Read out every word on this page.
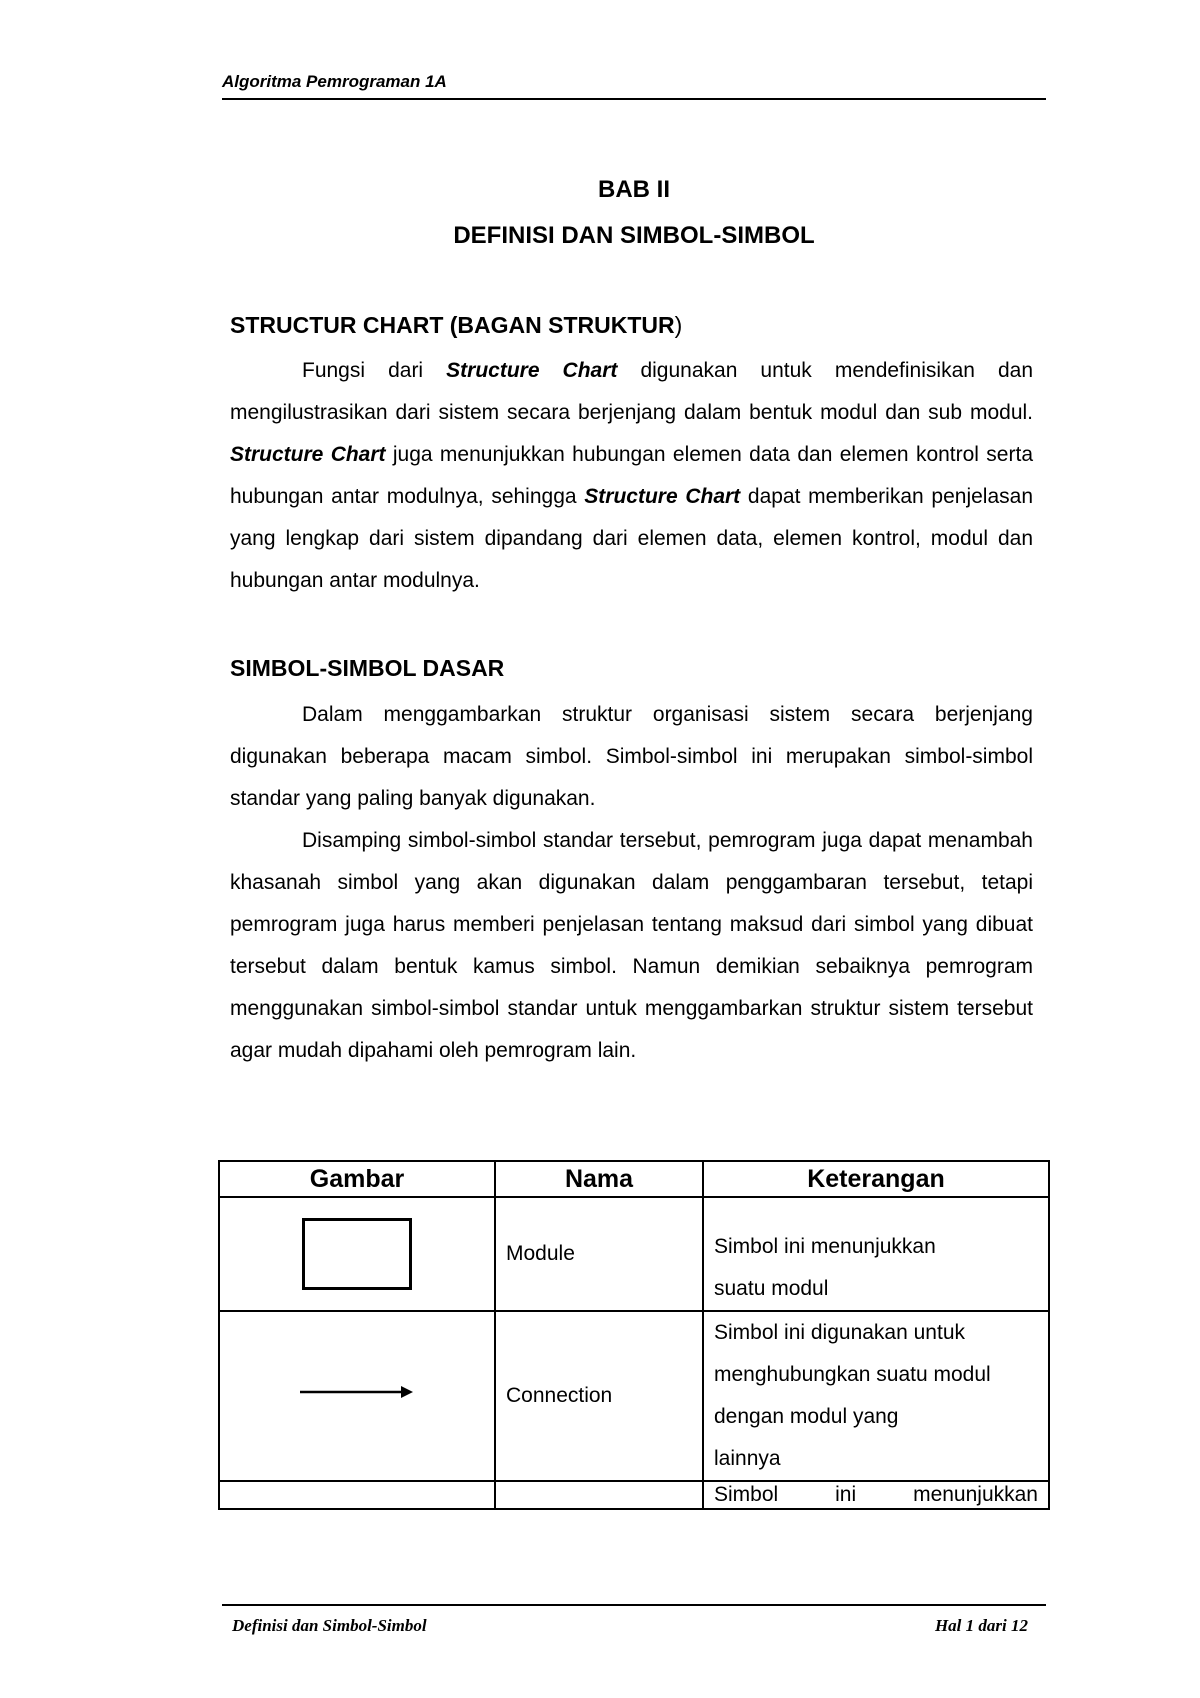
Algoritma Pemrograman 1A
BAB II
DEFINISI DAN SIMBOL-SIMBOL
STRUCTUR CHART (BAGAN STRUKTUR)

Fungsi dari Structure Chart digunakan untuk mendefinisikan dan mengilustrasikan dari sistem secara berjenjang dalam bentuk modul dan sub modul. Structure Chart juga menunjukkan hubungan elemen data dan elemen kontrol serta hubungan antar modulnya, sehingga Structure Chart dapat memberikan penjelasan yang lengkap dari sistem dipandang dari elemen data, elemen kontrol, modul dan hubungan antar modulnya.

SIMBOL-SIMBOL DASAR

Dalam menggambarkan struktur organisasi sistem secara berjenjang digunakan beberapa macam simbol. Simbol-simbol ini merupakan simbol-simbol standar yang paling banyak digunakan.

Disamping simbol-simbol standar tersebut, pemrogram juga dapat menambah khasanah simbol yang akan digunakan dalam penggambaran tersebut, tetapi pemrogram juga harus memberi penjelasan tentang maksud dari simbol yang dibuat tersebut dalam bentuk kamus simbol. Namun demikian sebaiknya pemrogram menggunakan simbol-simbol standar untuk menggambarkan struktur sistem tersebut agar mudah dipahami oleh pemrogram lain.

Gambar	Nama	Keterangan
	Module	Simbol ini menunjukkan
suatu modul

	Connection	Simbol ini digunakan untuk
menghubungkan suatu modul
dengan modul yang
lainnya

		Simbol ini menunjukkan
Definisi dan Simbol-Simbol	Hal 1 dari 12
